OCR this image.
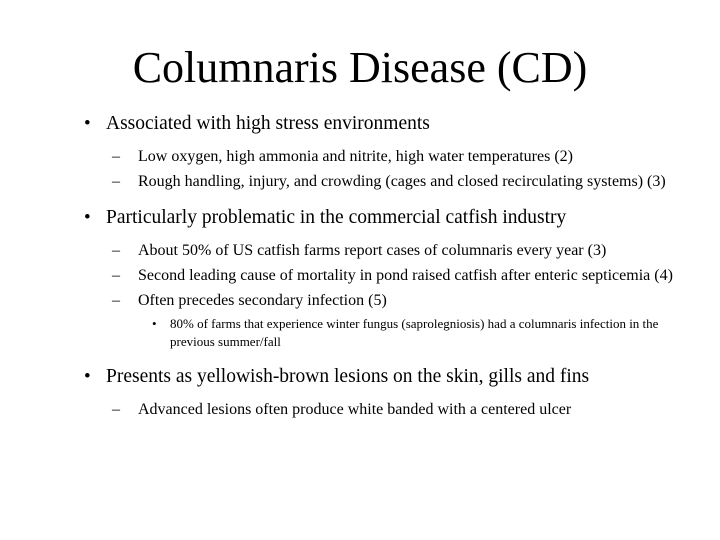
Columnaris Disease (CD)
• Associated with high stress environments
– Low oxygen, high ammonia and nitrite, high water temperatures (2)
– Rough handling, injury, and crowding (cages and closed recirculating systems) (3)
• Particularly problematic in the commercial catfish industry
– About 50% of US catfish farms report cases of columnaris every year (3)
– Second leading cause of mortality in pond raised catfish after enteric septicemia (4)
– Often precedes secondary infection (5)
• 80% of farms that experience winter fungus (saprolegniosis) had a columnaris infection in the previous summer/fall
• Presents as yellowish-brown lesions on the skin, gills and fins
– Advanced lesions often produce white banded with a centered ulcer
